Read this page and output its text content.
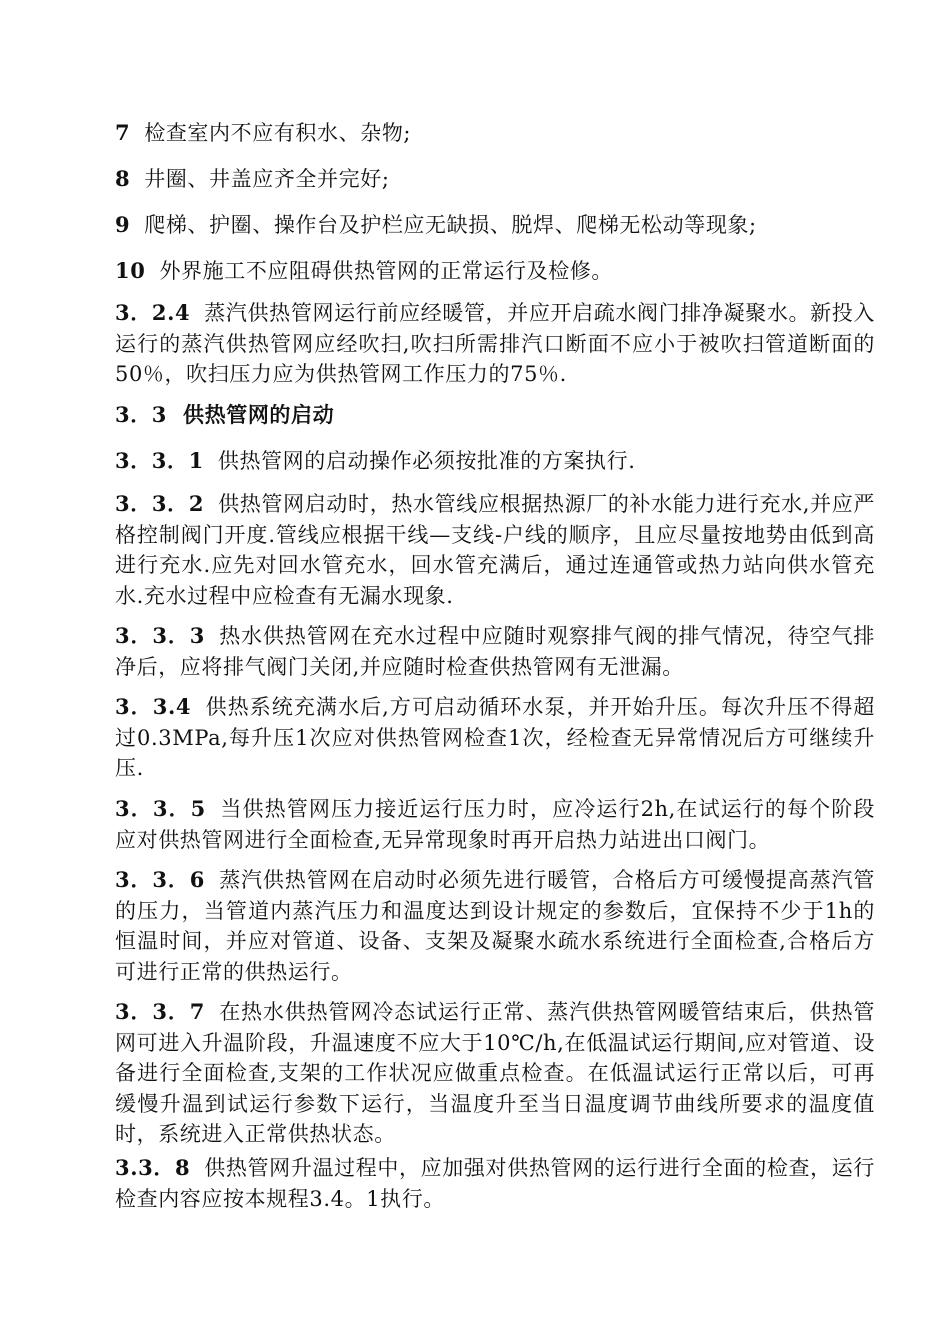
7 检查室内不应有积水、杂物;

8 井圈、井盖应齐全并完好;

9 爬梯、护圈、操作台及护栏应无缺损、脱焊、爬梯无松动等现象;

10 外界施工不应阻碍供热管网的正常运行及检修。

3．2.4 蒸汽供热管网运行前应经暖管，并应开启疏水阀门排净凝聚水。新投入运行的蒸汽供热管网应经吹扫,吹扫所需排汽口断面不应小于被吹扫管道断面的50％，吹扫压力应为供热管网工作压力的75％.

3．3 供热管网的启动

3．3．1 供热管网的启动操作必须按批准的方案执行.

3．3．2 供热管网启动时，热水管线应根据热源厂的补水能力进行充水,并应严格控制阀门开度.管线应根据干线—支线-户线的顺序，且应尽量按地势由低到高进行充水.应先对回水管充水，回水管充满后，通过连通管或热力站向供水管充水.充水过程中应检查有无漏水现象.

3．3．3 热水供热管网在充水过程中应随时观察排气阀的排气情况，待空气排净后，应将排气阀门关闭,并应随时检查供热管网有无泄漏。

3．3.4 供热系统充满水后,方可启动循环水泵，并开始升压。每次升压不得超过0.3MPa,每升压1次应对供热管网检查1次，经检查无异常情况后方可继续升压.

3．3．5 当供热管网压力接近运行压力时，应冷运行2h,在试运行的每个阶段应对供热管网进行全面检查,无异常现象时再开启热力站进出口阀门。

3．3．6 蒸汽供热管网在启动时必须先进行暖管，合格后方可缓慢提高蒸汽管的压力，当管道内蒸汽压力和温度达到设计规定的参数后，宜保持不少于1h的恒温时间，并应对管道、设备、支架及凝聚水疏水系统进行全面检查,合格后方可进行正常的供热运行。

3．3．7 在热水供热管网冷态试运行正常、蒸汽供热管网暖管结束后，供热管网可进入升温阶段，升温速度不应大于10℃/h,在低温试运行期间,应对管道、设备进行全面检查,支架的工作状况应做重点检查。在低温试运行正常以后，可再缓慢升温到试运行参数下运行，当温度升至当日温度调节曲线所要求的温度值时，系统进入正常供热状态。

3.3．8 供热管网升温过程中，应加强对供热管网的运行进行全面的检查，运行检查内容应按本规程3.4。1执行。
